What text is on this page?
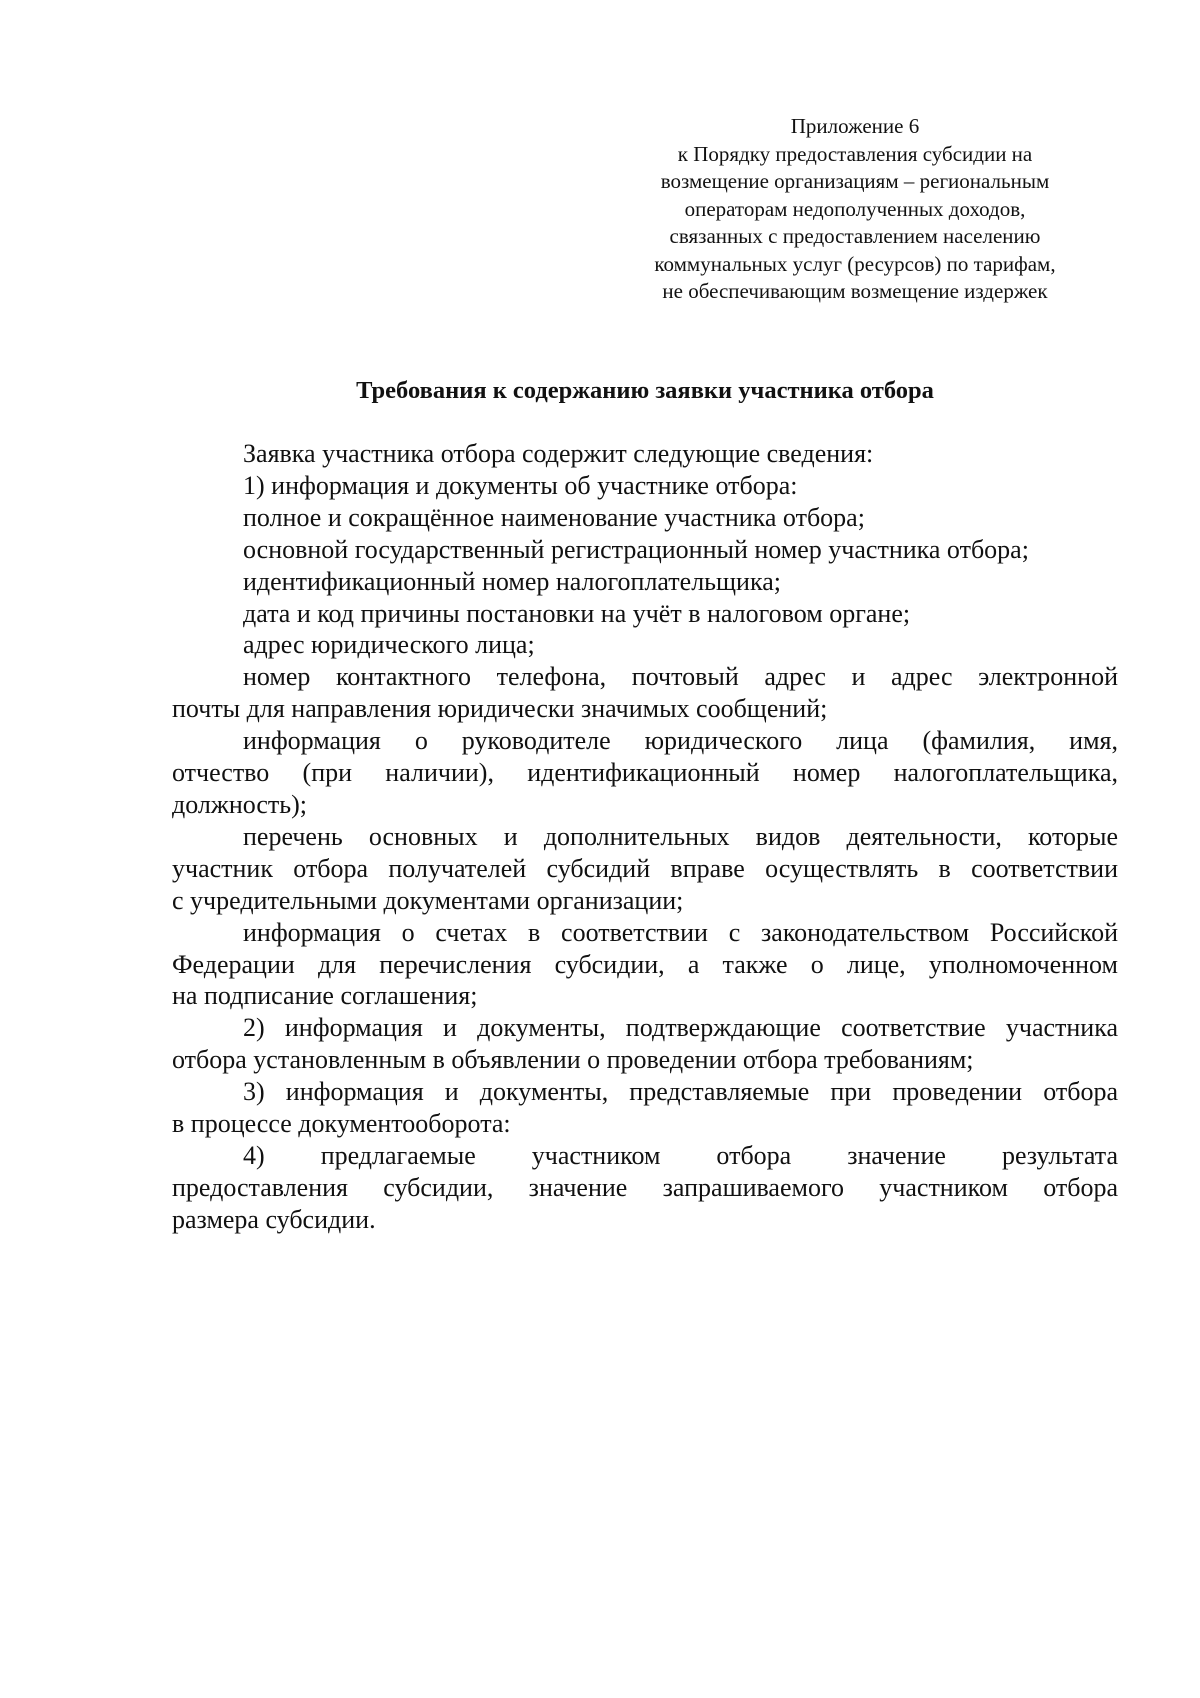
Приложение 6
к Порядку предоставления субсидии на
возмещение организациям – региональным
операторам недополученных доходов,
связанных с предоставлением населению
коммунальных услуг (ресурсов) по тарифам,
не обеспечивающим возмещение издержек
Требования к содержанию заявки участника отбора
Заявка участника отбора содержит следующие сведения:
1) информация и документы об участнике отбора:
полное и сокращённое наименование участника отбора;
основной государственный регистрационный номер участника отбора;
идентификационный номер налогоплательщика;
дата и код причины постановки на учёт в налоговом органе;
адрес юридического лица;
номер контактного телефона, почтовый адрес и адрес электронной
почты для направления юридически значимых сообщений;
информация о руководителе юридического лица (фамилия, имя,
отчество (при наличии), идентификационный номер налогоплательщика,
должность);
перечень основных и дополнительных видов деятельности, которые
участник отбора получателей субсидий вправе осуществлять в соответствии
с учредительными документами организации;
информация о счетах в соответствии с законодательством Российской
Федерации для перечисления субсидии, а также о лице, уполномоченном
на подписание соглашения;
2) информация и документы, подтверждающие соответствие участника
отбора установленным в объявлении о проведении отбора требованиям;
3) информация и документы, представляемые при проведении отбора
в процессе документооборота:
4) предлагаемые участником отбора значение результата
предоставления субсидии, значение запрашиваемого участником отбора
размера субсидии.
